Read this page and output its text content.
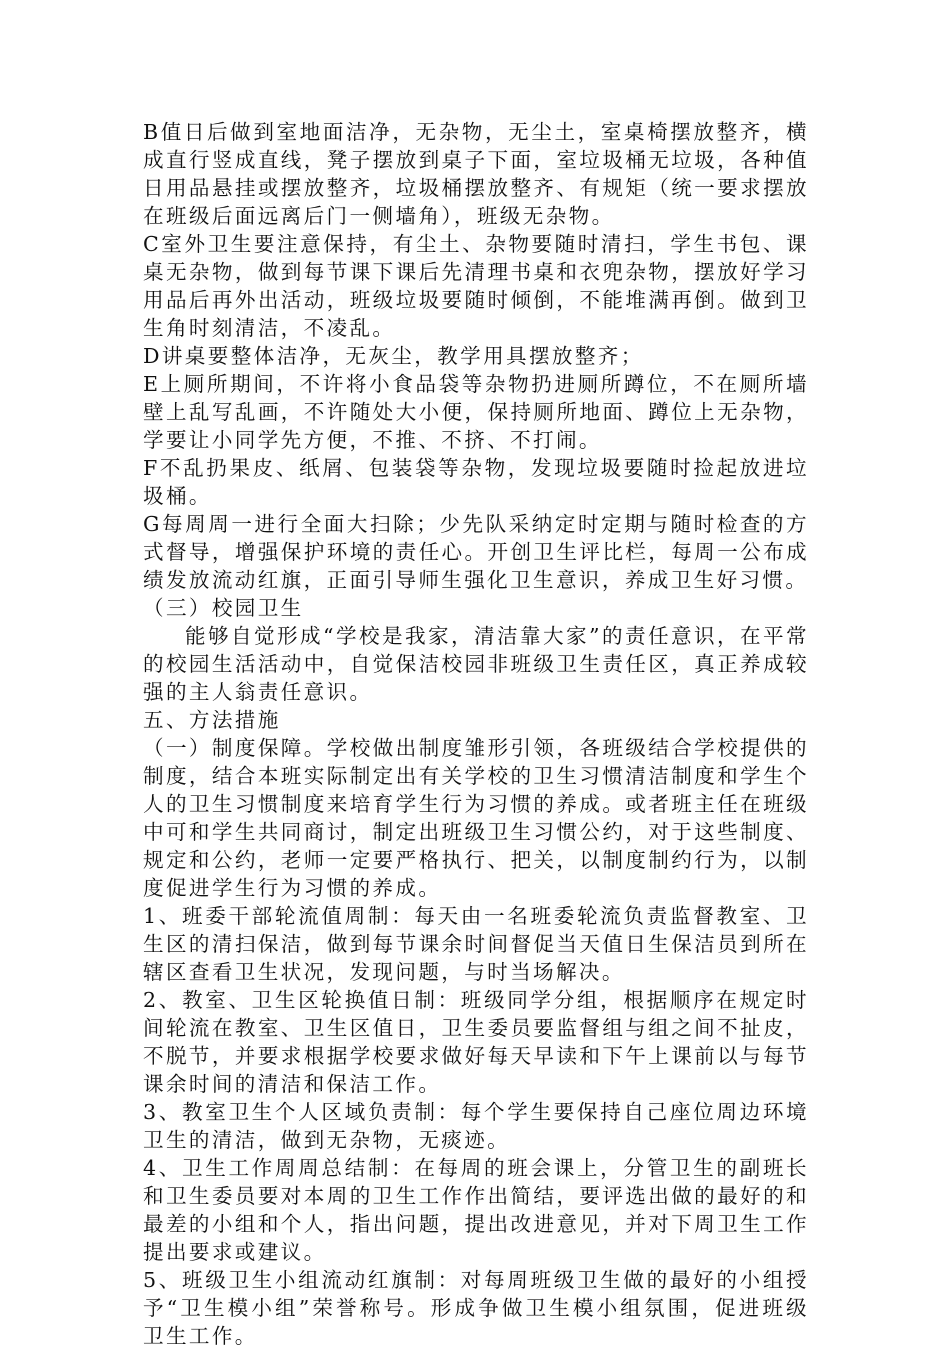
B值日后做到室地面洁净，无杂物，无尘土，室桌椅摆放整齐，横成直行竖成直线，凳子摆放到桌子下面，室垃圾桶无垃圾，各种值日用品悬挂或摆放整齐，垃圾桶摆放整齐、有规矩（统一要求摆放在班级后面远离后门一侧墙角），班级无杂物。

C室外卫生要注意保持，有尘土、杂物要随时清扫，学生书包、课桌无杂物，做到每节课下课后先清理书桌和衣兜杂物，摆放好学习用品后再外出活动，班级垃圾要随时倾倒，不能堆满再倒。做到卫生角时刻清洁，不凌乱。

D讲桌要整体洁净，无灰尘，教学用具摆放整齐；

E上厕所期间，不许将小食品袋等杂物扔进厕所蹲位，不在厕所墙壁上乱写乱画，不许随处大小便，保持厕所地面、蹲位上无杂物，学要让小同学先方便，不推、不挤、不打闹。

F不乱扔果皮、纸屑、包装袋等杂物，发现垃圾要随时捡起放进垃圾桶。

G每周周一进行全面大扫除；少先队采纳定时定期与随时检查的方式督导，增强保护环境的责任心。开创卫生评比栏，每周一公布成绩发放流动红旗，正面引导师生强化卫生意识，养成卫生好习惯。

（三）校园卫生

能够自觉形成“学校是我家，清洁靠大家”的责任意识，在平常的校园生活活动中，自觉保洁校园非班级卫生责任区，真正养成较强的主人翁责任意识。

五、方法措施

（一）制度保障。学校做出制度雏形引领，各班级结合学校提供的制度，结合本班实际制定出有关学校的卫生习惯清洁制度和学生个人的卫生习惯制度来培育学生行为习惯的养成。或者班主任在班级中可和学生共同商讨，制定出班级卫生习惯公约，对于这些制度、规定和公约，老师一定要严格执行、把关，以制度制约行为，以制度促进学生行为习惯的养成。

1、班委干部轮流值周制：每天由一名班委轮流负责监督教室、卫生区的清扫保洁，做到每节课余时间督促当天值日生保洁员到所在辖区查看卫生状况，发现问题，与时当场解决。

2、教室、卫生区轮换值日制：班级同学分组，根据顺序在规定时间轮流在教室、卫生区值日，卫生委员要监督组与组之间不扯皮，不脱节，并要求根据学校要求做好每天早读和下午上课前以与每节课余时间的清洁和保洁工作。

3、教室卫生个人区域负责制：每个学生要保持自己座位周边环境卫生的清洁，做到无杂物，无痰迹。

4、卫生工作周周总结制：在每周的班会课上，分管卫生的副班长和卫生委员要对本周的卫生工作作出简结，要评选出做的最好的和最差的小组和个人，指出问题，提出改进意见，并对下周卫生工作提出要求或建议。

5、班级卫生小组流动红旗制：对每周班级卫生做的最好的小组授予“卫生模小组”荣誉称号。形成争做卫生模小组氛围，促进班级卫生工作。
